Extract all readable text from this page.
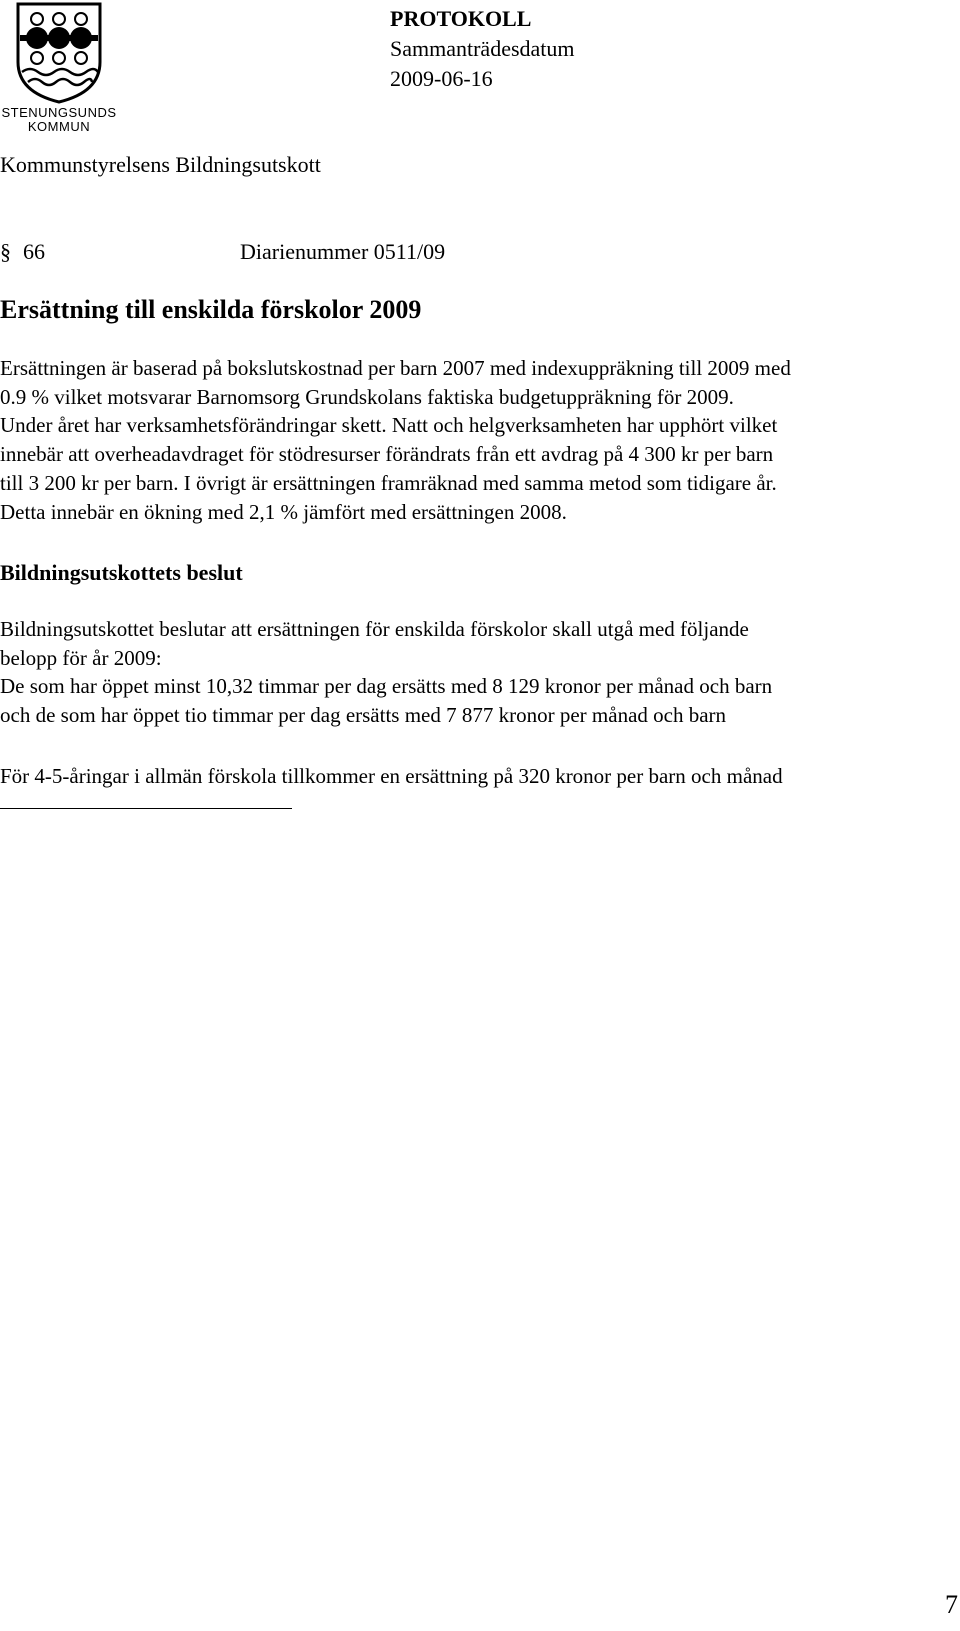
STENUNGSUNDS
KOMMUN
PROTOKOLL
Sammanträdesdatum
2009-06-16
Kommunstyrelsens Bildningsutskott
§ 66	Diarienummer 0511/09
Ersättning till enskilda förskolor 2009
Ersättningen är baserad på bokslutskostnad per barn 2007 med indexuppräkning till 2009 med
0.9 % vilket motsvarar Barnomsorg Grundskolans faktiska budgetuppräkning för 2009.
Under året har verksamhetsförändringar skett. Natt och helgverksamheten har upphört vilket
innebär att overheadavdraget för stödresurser förändrats från ett avdrag på 4 300 kr per barn
till 3 200 kr per barn. I övrigt är ersättningen framräknad med samma metod som tidigare år.
Detta innebär en ökning med 2,1 % jämfört med ersättningen 2008.
Bildningsutskottets beslut
Bildningsutskottet beslutar att ersättningen för enskilda förskolor skall utgå med följande
belopp för år 2009:
De som har öppet minst 10,32 timmar per dag ersätts med 8 129 kronor per månad och barn
och de som har öppet tio timmar per dag ersätts med 7 877 kronor per månad och barn
För 4-5-åringar i allmän förskola tillkommer en ersättning på 320 kronor per barn och månad
7
